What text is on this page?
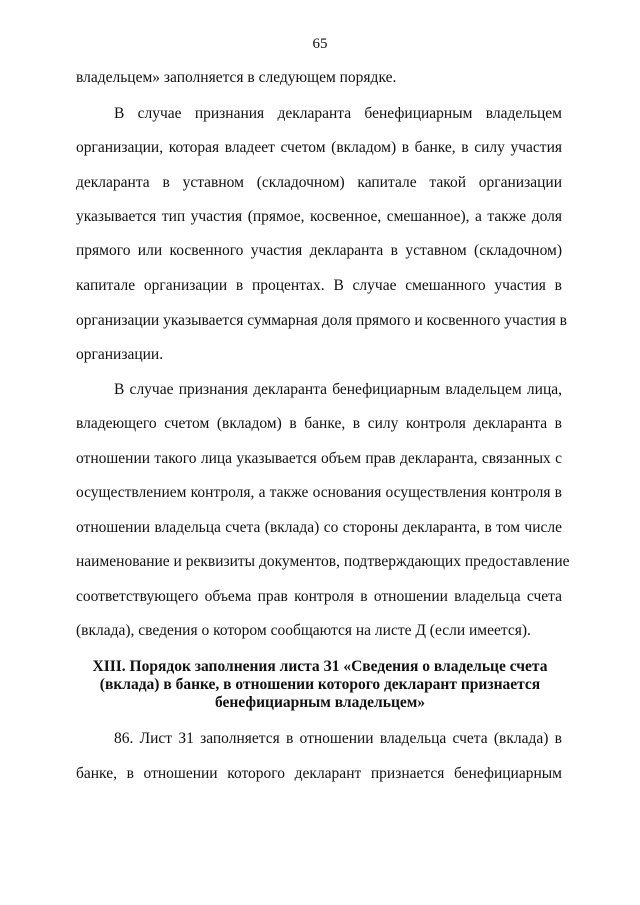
65
владельцем» заполняется в следующем порядке.
В случае признания декларанта бенефициарным владельцем
организации, которая владеет счетом (вкладом) в банке, в силу участия
декларанта в уставном (складочном) капитале такой организации
указывается тип участия (прямое, косвенное, смешанное), а также доля
прямого или косвенного участия декларанта в уставном (складочном)
капитале организации в процентах. В случае смешанного участия в
организации указывается суммарная доля прямого и косвенного участия в
организации.
В случае признания декларанта бенефициарным владельцем лица,
владеющего счетом (вкладом) в банке, в силу контроля декларанта в
отношении такого лица указывается объем прав декларанта, связанных с
осуществлением контроля, а также основания осуществления контроля в
отношении владельца счета (вклада) со стороны декларанта, в том числе
наименование и реквизиты документов, подтверждающих предоставление
соответствующего объема прав контроля в отношении владельца счета
(вклада), сведения о котором сообщаются на листе Д (если имеется).
XIII. Порядок заполнения листа З1 «Сведения о владельце счета
(вклада) в банке, в отношении которого декларант признается
бенефициарным владельцем»
86. Лист З1 заполняется в отношении владельца счета (вклада) в
банке, в отношении которого декларант признается бенефициарным
